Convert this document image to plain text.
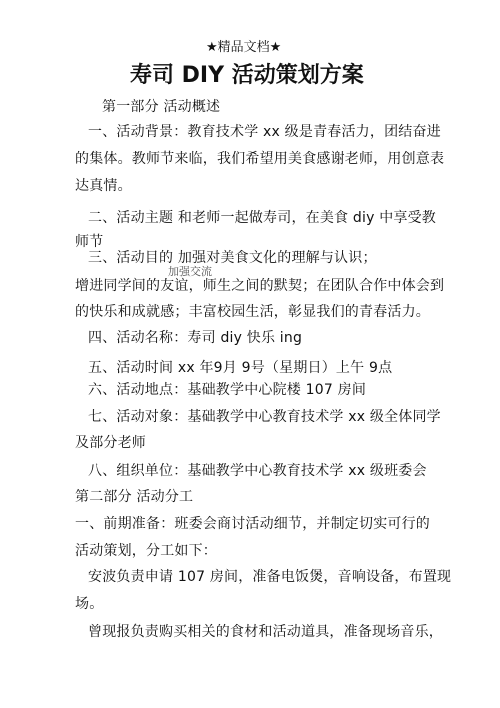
★精品文档★
寿司 DIY 活动策划方案
第一部分 活动概述
一、活动背景：教育技术学 xx 级是青春活力，团结奋进
的集体。教师节来临，我们希望用美食感谢老师，用创意表
达真情。
二、活动主题 和老师一起做寿司，在美食 diy 中享受教
师节
三、活动目的 加强对美食文化的理解与认识；
加强交流
增进同学间的友谊，师生之间的默契；在团队合作中体会到
的快乐和成就感；丰富校园生活，彰显我们的青春活力。
四、活动名称：寿司 diy 快乐 ing
五、活动时间 xx 年9月 9号（星期日）上午 9点
六、活动地点：基础教学中心院楼 107 房间
七、活动对象：基础教学中心教育技术学 xx 级全体同学
及部分老师
八、组织单位：基础教学中心教育技术学 xx 级班委会
第二部分 活动分工
一、前期准备：班委会商讨活动细节，并制定切实可行的
活动策划，分工如下：
安波负责申请 107 房间，准备电饭煲，音响设备，布置现
场。
曾现报负责购买相关的食材和活动道具，准备现场音乐，
